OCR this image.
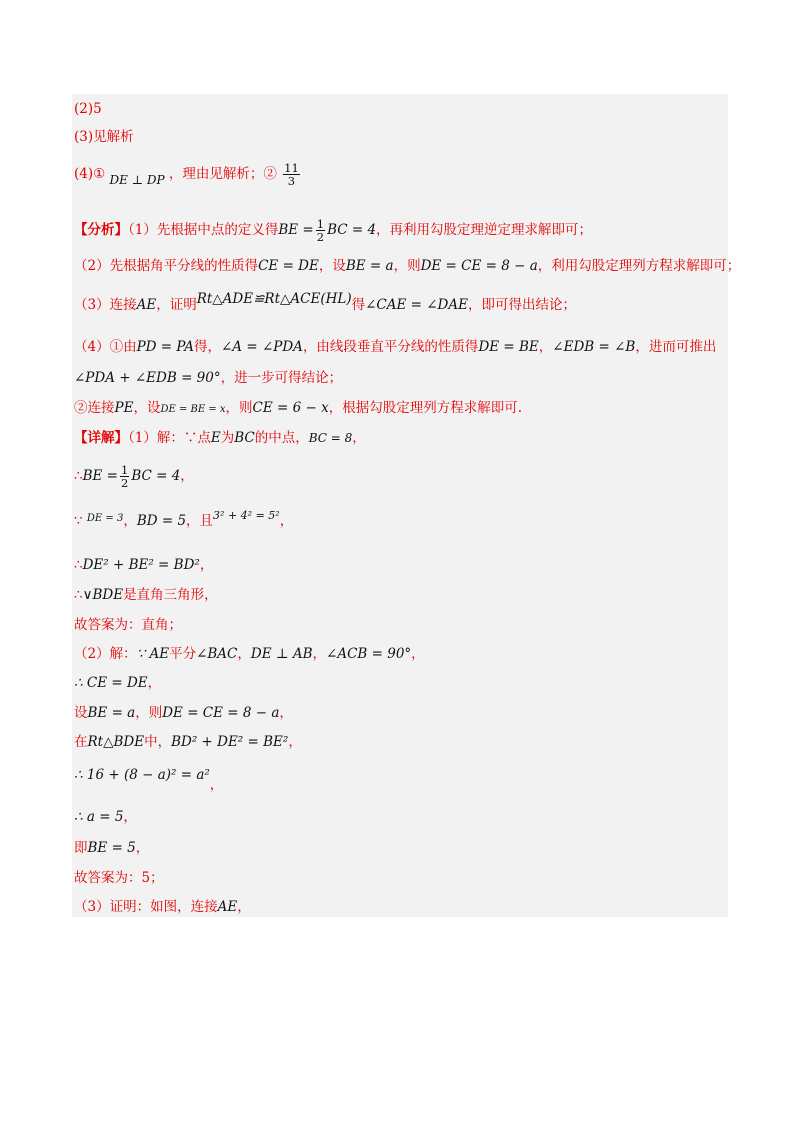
(2)5
(3)见解析
(4)① DE ⊥ DP ，理由见解析；② $\frac{11}{3}$
【分析】（1）先根据中点的定义得BE = $\frac{1}{2}$ BC = 4，再利用勾股定理逆定理求解即可；
（2）先根据角平分线的性质得CE = DE，设BE = a，则DE = CE = 8 − a，利用勾股定理列方程求解即可；
（3）连接AE，证明Rt△ADE≌Rt△ACE(HL)得∠CAE = ∠DAE，即可得出结论；
（4）①由PD = PA得，∠A = ∠PDA，由线段垂直平分线的性质得DE = BE，∠EDB = ∠B，进而可推出
∠PDA + ∠EDB = 90°，进一步可得结论；
②连接PE，设DE = BE = x，则CE = 6 − x，根据勾股定理列方程求解即可.
【详解】（1）解：∵点E为BC的中点，BC = 8，
∴BE = $\frac{1}{2}$ BC = 4，
∵ $^{DE = 3}$，BD = 5，且$^{3^2 + 4^2 = 5^2}$，
∴DE² + BE² = BD²，
∴∨BDE是直角三角形，
故答案为：直角；
（2）解：∵ AE平分∠BAC，DE ⊥ AB，∠ACB = 90°，
∴ CE = DE，
设BE = a，则DE = CE = 8 − a，
在Rt△BDE中，BD² + DE² = BE²，
∴ 16 + (8 − a)² = a²，
∴ a = 5，
即BE = 5，
故答案为：5；
（3）证明：如图，连接AE，
